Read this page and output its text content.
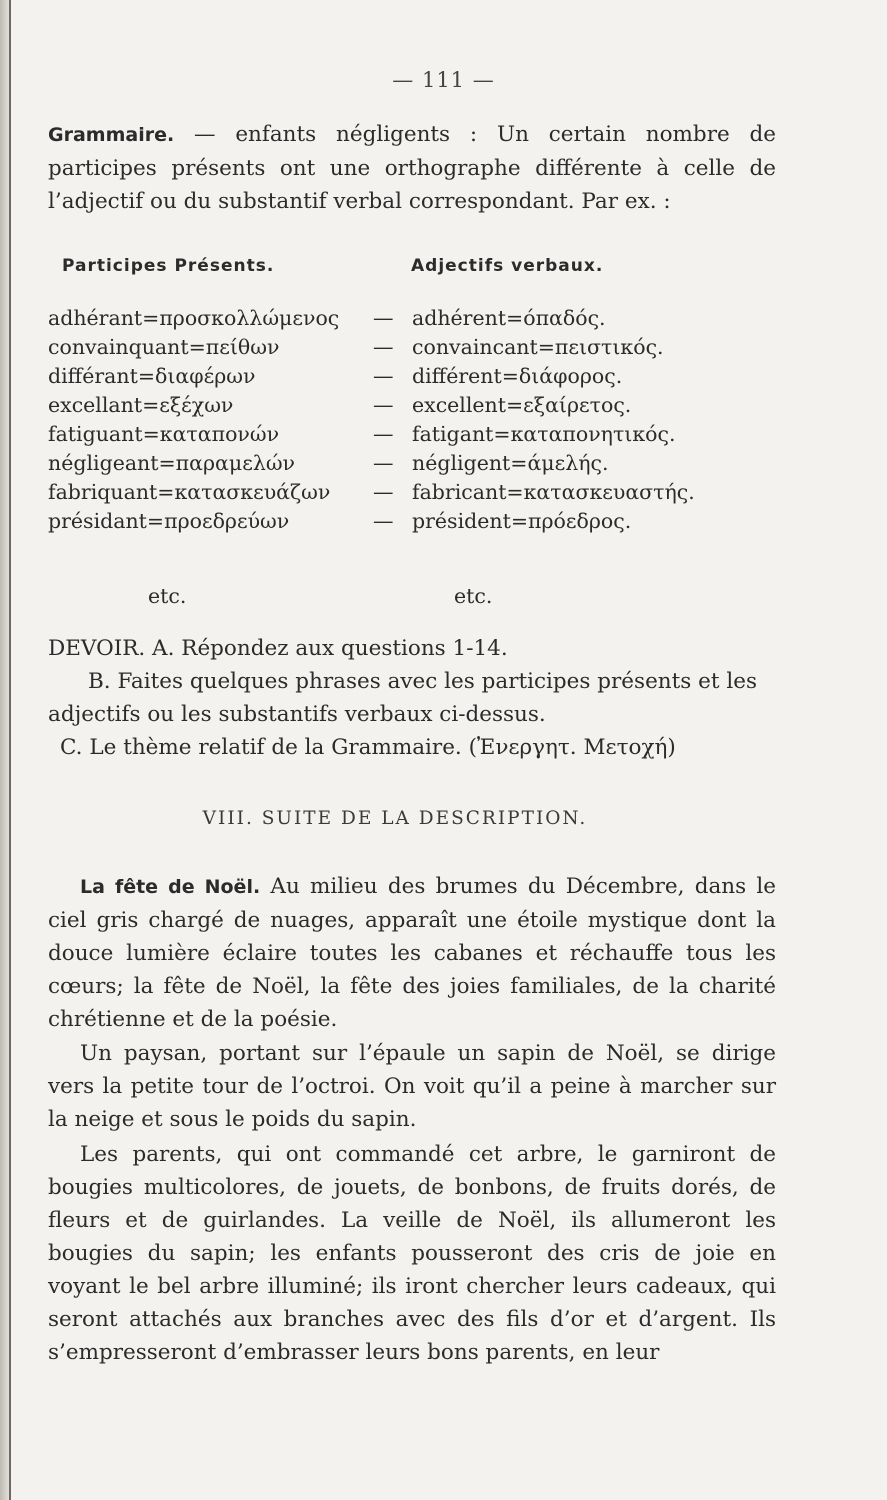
— 111 —
Grammaire. — enfants négligents : Un certain nombre de participes présents ont une orthographe différente à celle de l’adjectif ou du substantif verbal correspondant. Par ex. :
Participes Présents.	Adjectifs verbaux.
adhérant=προσκολλώμενος — adhérent=όπαδός.
convainquant=πείθων	— convaincant=πειστικός.
différant=διαφέρων	— différent=διάφορος.
excellant=εξέχων	— excellent=εξαίρετος.
fatiguant=καταπονών	— fatigant=καταπονητικός.
négligeant=παραμελών	— négligent=άμελής.
fabriquant=κατασκευάζων — fabricant=κατασκευαστής.
présidant=προεδρεύων	— président=πρόεδρος.
etc.	etc.
DEVOIR. A. Répondez aux questions 1-14.
B. Faites quelques phrases avec les participes présents et les adjectifs ou les substantifs verbaux ci-dessus.
C. Le thème relatif de la Grammaire. (Ἐνεργητ. Μετοχή)
VIII. SUITE DE LA DESCRIPTION.
La fête de Noël. Au milieu des brumes du Décembre, dans le ciel gris chargé de nuages, apparaît une étoile mystique dont la douce lumière éclaire toutes les cabanes et réchauffe tous les cœurs; la fête de Noël, la fête des joies familiales, de la charité chrétienne et de la poésie.
Un paysan, portant sur l’épaule un sapin de Noël, se dirige vers la petite tour de l’octroi. On voit qu’il a peine à marcher sur la neige et sous le poids du sapin.
Les parents, qui ont commandé cet arbre, le garniront de bougies multicolores, de jouets, de bonbons, de fruits dorés, de fleurs et de guirlandes. La veille de Noël, ils allumeront les bougies du sapin; les enfants pousseront des cris de joie en voyant le bel arbre illuminé; ils iront chercher leurs cadeaux, qui seront attachés aux branches avec des fils d’or et d’argent. Ils s’empresseront d’embrasser leurs bons parents, en leur
